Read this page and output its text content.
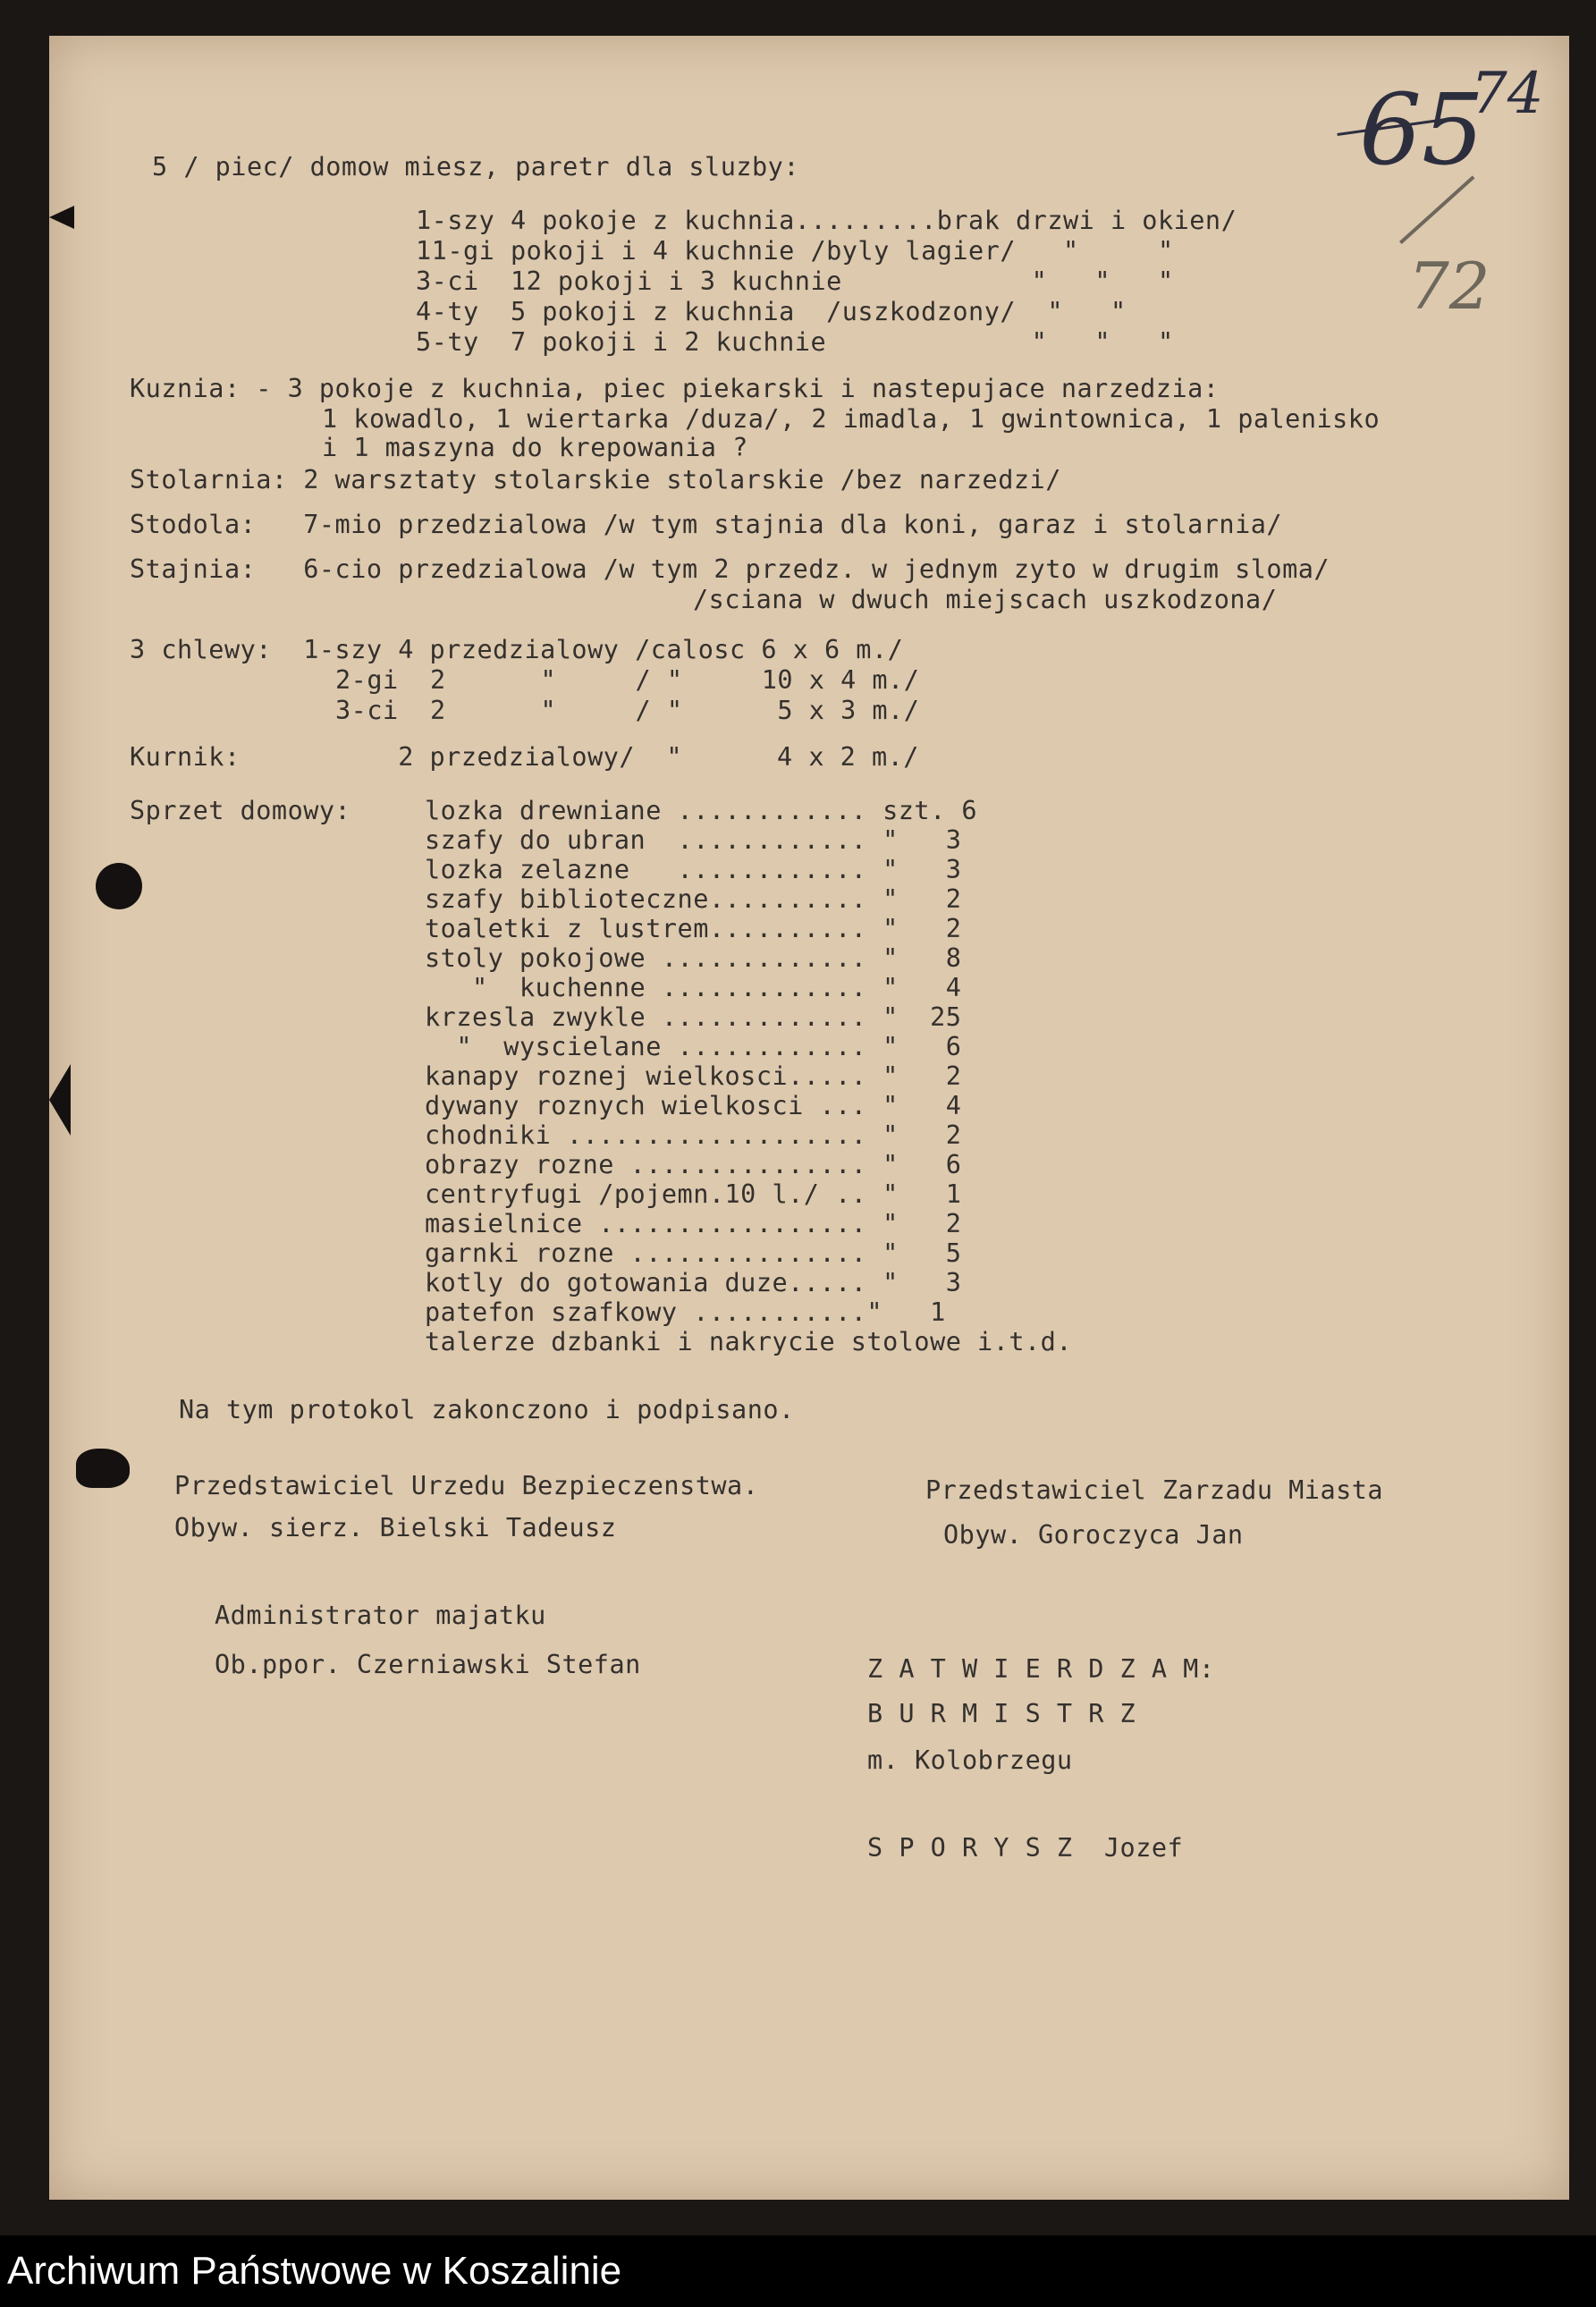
65
74
72
5 / piec/ domow miesz, paretr dla sluzby:
1-szy 4 pokoje z kuchnia.........brak drzwi i okien/
11-gi pokoji i 4 kuchnie /byly lagier/   "     "
3-ci  12 pokoji i 3 kuchnie            "   "   "
4-ty  5 pokoji z kuchnia  /uszkodzony/  "   "
5-ty  7 pokoji i 2 kuchnie             "   "   "
Kuznia: - 3 pokoje z kuchnia, piec piekarski i nastepujace narzedzia:
1 kowadlo, 1 wiertarka /duza/, 2 imadla, 1 gwintownica, 1 palenisko
i 1 maszyna do krepowania ?
Stolarnia: 2 warsztaty stolarskie stolarskie /bez narzedzi/
Stodola:   7-mio przedzialowa /w tym stajnia dla koni, garaz i stolarnia/
Stajnia:   6-cio przedzialowa /w tym 2 przedz. w jednym zyto w drugim sloma/
/sciana w dwuch miejscach uszkodzona/
3 chlewy:  1-szy 4 przedzialowy /calosc 6 x 6 m./
2-gi  2      "     / "     10 x 4 m./
3-ci  2      "     / "      5 x 3 m./
Kurnik:          2 przedzialowy/  "      4 x 2 m./
Sprzet domowy:	lozka drewniane ............ szt. 6
szafy do ubran  ............ "   3
lozka zelazne   ............ "   3
szafy biblioteczne.......... "   2
toaletki z lustrem.......... "   2
stoly pokojowe ............. "   8
"  kuchenne ............. "   4
krzesla zwykle ............. "  25
"  wyscielane ............ "   6
kanapy roznej wielkosci..... "   2
dywany roznych wielkosci ... "   4
chodniki ................... "   2
obrazy rozne ............... "   6
centryfugi /pojemn.10 l./ .. "   1
masielnice ................. "   2
garnki rozne ............... "   5
kotly do gotowania duze..... "   3
patefon szafkowy ..........."   1
talerze dzbanki i nakrycie stolowe i.t.d.
Na tym protokol zakonczono i podpisano.
Przedstawiciel Urzedu Bezpieczenstwa.
Obyw. sierz. Bielski Tadeusz
Przedstawiciel Zarzadu Miasta
Obyw. Goroczyca Jan
Administrator majatku
Ob.ppor. Czerniawski Stefan	Z A T W I E R D Z A M:
B U R M I S T R Z
m. Kolobrzegu
S P O R Y S Z  Jozef
Archiwum Państwowe w Koszalinie
